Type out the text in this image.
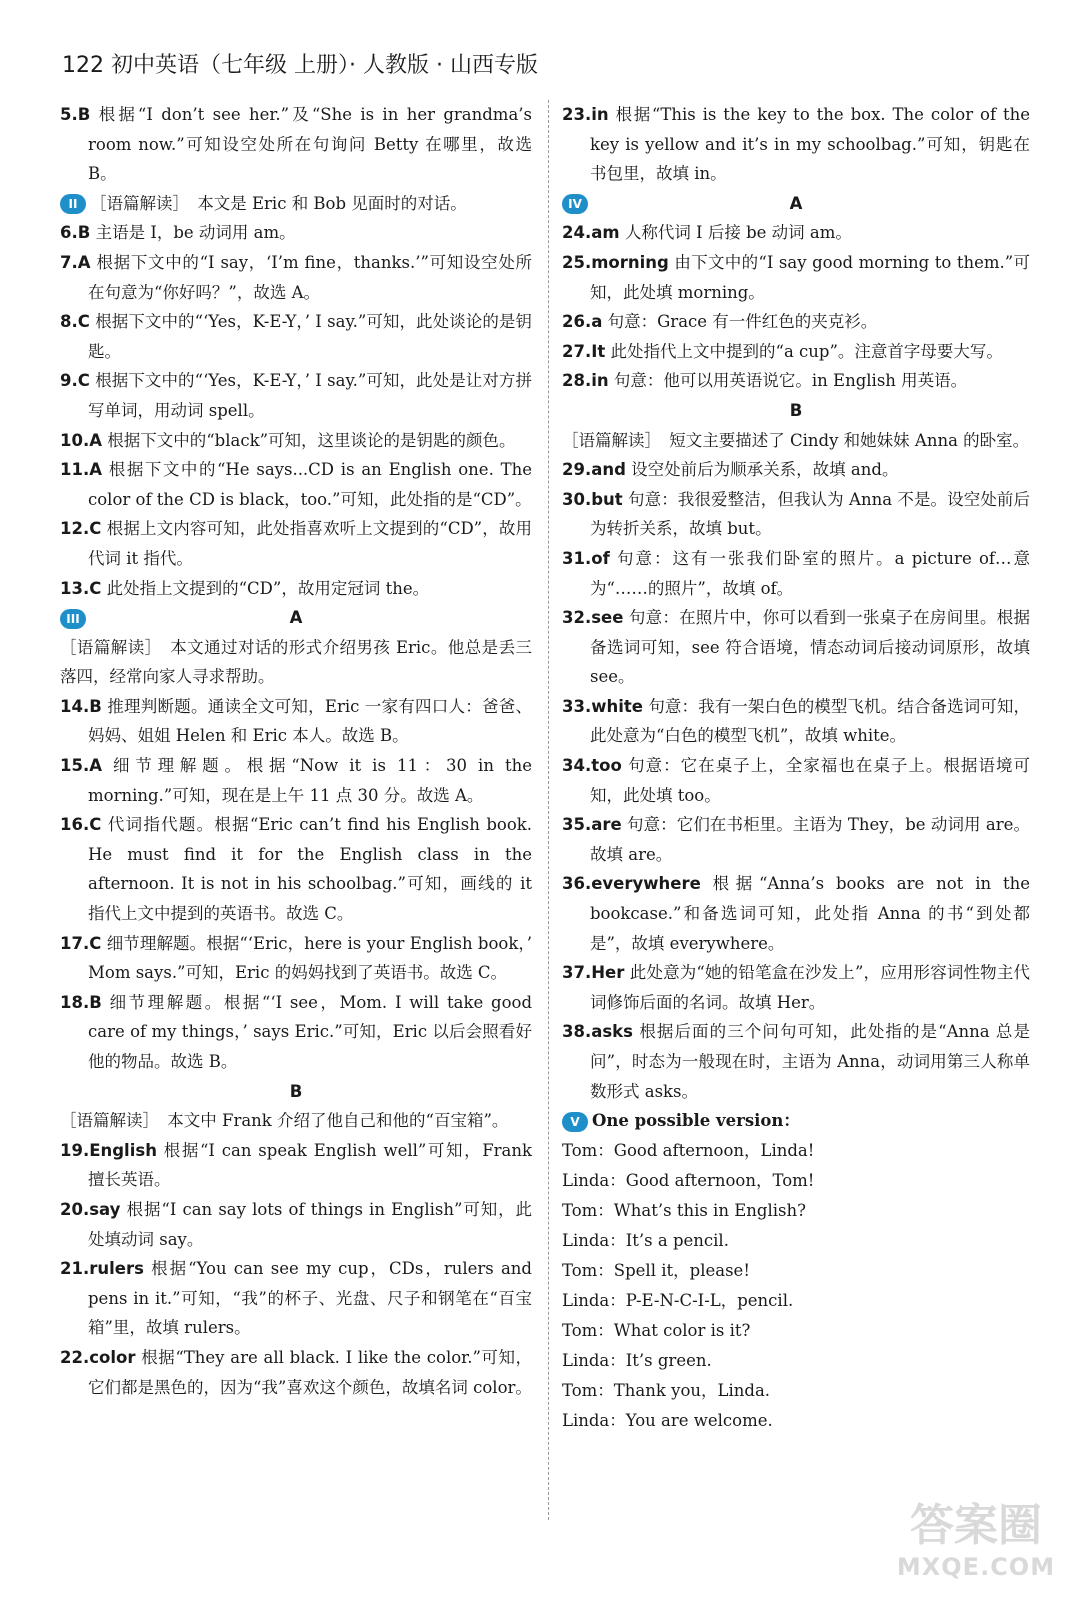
122 初中英语（七年级 上册）· 人教版 · 山西专版
5.B 根据“I don’t see her.”及“She is in her grandma’s room now.”可知设空处所在句询问 Betty 在哪里，故选 B。
II ［语篇解读］　本文是 Eric 和 Bob 见面时的对话。
6.B 主语是 I，be 动词用 am。
7.A 根据下文中的“I say，‘I’m fine，thanks.’”可知设空处所在句意为“你好吗？”，故选 A。
8.C 根据下文中的“‘Yes，K-E-Y，’ I say.”可知，此处谈论的是钥匙。
9.C 根据下文中的“‘Yes，K-E-Y，’ I say.”可知，此处是让对方拼写单词，用动词 spell。
10.A 根据下文中的“black”可知，这里谈论的是钥匙的颜色。
11.A 根据下文中的“He says...CD is an English one. The color of the CD is black，too.”可知，此处指的是“CD”。
12.C 根据上文内容可知，此处指喜欢听上文提到的“CD”，故用代词 it 指代。
13.C 此处指上文提到的“CD”，故用定冠词 the。
III	A
［语篇解读］　本文通过对话的形式介绍男孩 Eric。他总是丢三落四，经常向家人寻求帮助。
14.B 推理判断题。通读全文可知，Eric 一家有四口人：爸爸、妈妈、姐姐 Helen 和 Eric 本人。故选 B。
15.A 细节理解题。根据“Now it is 11：30 in the morning.”可知，现在是上午 11 点 30 分。故选 A。
16.C 代词指代题。根据“Eric can’t find his English book. He must find it for the English class in the afternoon. It is not in his schoolbag.”可知，画线的 it 指代上文中提到的英语书。故选 C。
17.C 细节理解题。根据“‘Eric，here is your English book，’ Mom says.”可知，Eric 的妈妈找到了英语书。故选 C。
18.B 细节理解题。根据“‘I see，Mom. I will take good care of my things，’ says Eric.”可知，Eric 以后会照看好他的物品。故选 B。
B
［语篇解读］　本文中 Frank 介绍了他自己和他的“百宝箱”。
19.English 根据“I can speak English well”可知，Frank 擅长英语。
20.say 根据“I can say lots of things in English”可知，此处填动词 say。
21.rulers 根据“You can see my cup，CDs，rulers and pens in it.”可知，“我”的杯子、光盘、尺子和钢笔在“百宝箱”里，故填 rulers。
22.color 根据“They are all black. I like the color.”可知，它们都是黑色的，因为“我”喜欢这个颜色，故填名词 color。
23.in 根据“This is the key to the box. The color of the key is yellow and it’s in my schoolbag.”可知，钥匙在书包里，故填 in。
IV	A
24.am 人称代词 I 后接 be 动词 am。
25.morning 由下文中的“I say good morning to them.”可知，此处填 morning。
26.a 句意：Grace 有一件红色的夹克衫。
27.It 此处指代上文中提到的“a cup”。注意首字母要大写。
28.in 句意：他可以用英语说它。in English 用英语。
B
［语篇解读］　短文主要描述了 Cindy 和她妹妹 Anna 的卧室。
29.and 设空处前后为顺承关系，故填 and。
30.but 句意：我很爱整洁，但我认为 Anna 不是。设空处前后为转折关系，故填 but。
31.of 句意：这有一张我们卧室的照片。a picture of…意为“……的照片”，故填 of。
32.see 句意：在照片中，你可以看到一张桌子在房间里。根据备选词可知，see 符合语境，情态动词后接动词原形，故填 see。
33.white 句意：我有一架白色的模型飞机。结合备选词可知，此处意为“白色的模型飞机”，故填 white。
34.too 句意：它在桌子上，全家福也在桌子上。根据语境可知，此处填 too。
35.are 句意：它们在书柜里。主语为 They，be 动词用 are。故填 are。
36.everywhere 根据“Anna’s books are not in the bookcase.”和备选词可知，此处指 Anna 的书“到处都是”，故填 everywhere。
37.Her 此处意为“她的铅笔盒在沙发上”，应用形容词性物主代词修饰后面的名词。故填 Her。
38.asks 根据后面的三个问句可知，此处指的是“Anna 总是问”，时态为一般现在时，主语为 Anna，动词用第三人称单数形式 asks。
V One possible version：
Tom：Good afternoon，Linda!
Linda：Good afternoon，Tom!
Tom：What’s this in English?
Linda：It’s a pencil.
Tom：Spell it，please!
Linda：P-E-N-C-I-L，pencil.
Tom：What color is it?
Linda：It’s green.
Tom：Thank you，Linda.
Linda：You are welcome.
答案圈
MXQE.COM
